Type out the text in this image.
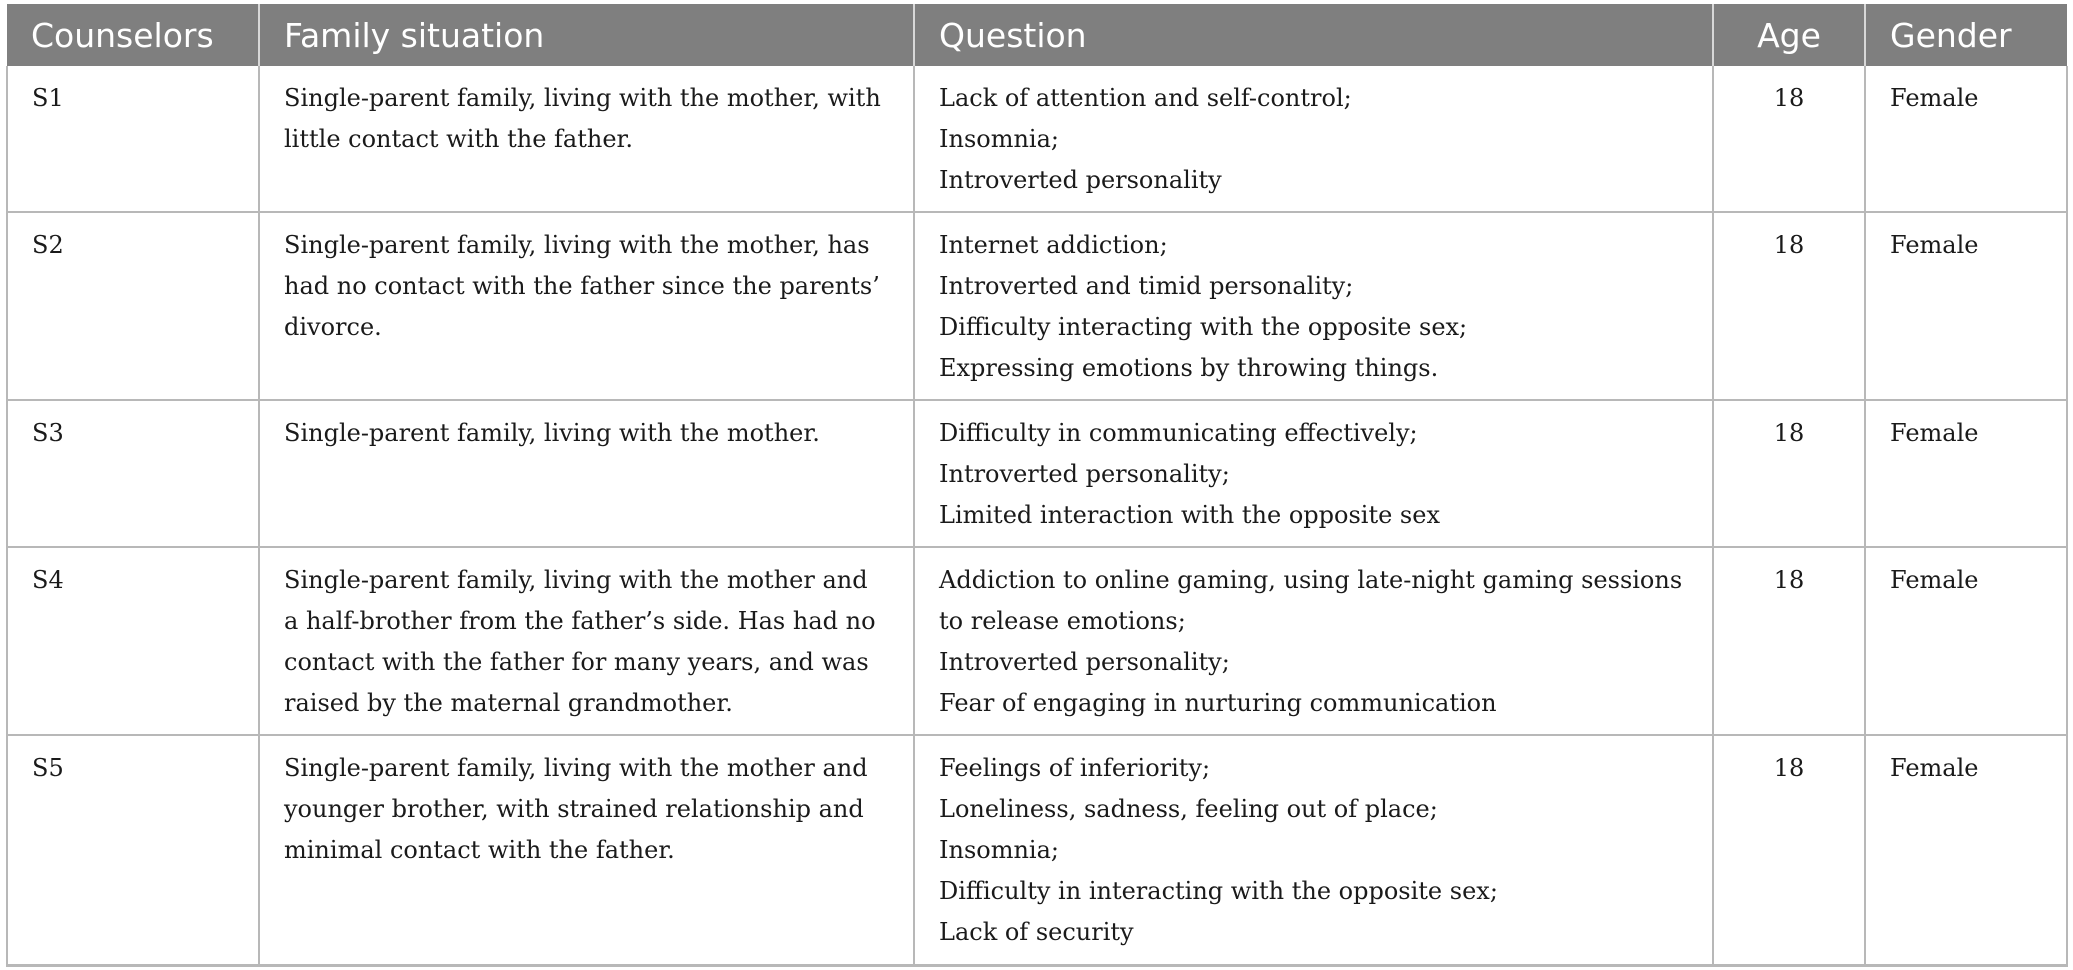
Counselors	Family situation	Question	Age	Gender
S1	Single-parent family, living with the mother, with little contact with the father.	Lack of attention and self-control;
Insomnia;
Introverted personality	18	Female
S2	Single-parent family, living with the mother, has had no contact with the father since the parents’ divorce.	Internet addiction;
Introverted and timid personality;
Difficulty interacting with the opposite sex;
Expressing emotions by throwing things.	18	Female
S3	Single-parent family, living with the mother.	Difficulty in communicating effectively;
Introverted personality;
Limited interaction with the opposite sex	18	Female
S4	Single-parent family, living with the mother and a half-brother from the father’s side. Has had no contact with the father for many years, and was raised by the maternal grandmother.	Addiction to online gaming, using late-night gaming sessions to release emotions;
Introverted personality;
Fear of engaging in nurturing communication	18	Female
S5	Single-parent family, living with the mother and younger brother, with strained relationship and minimal contact with the father.	Feelings of inferiority;
Loneliness, sadness, feeling out of place;
Insomnia;
Difficulty in interacting with the opposite sex;
Lack of security	18	Female
